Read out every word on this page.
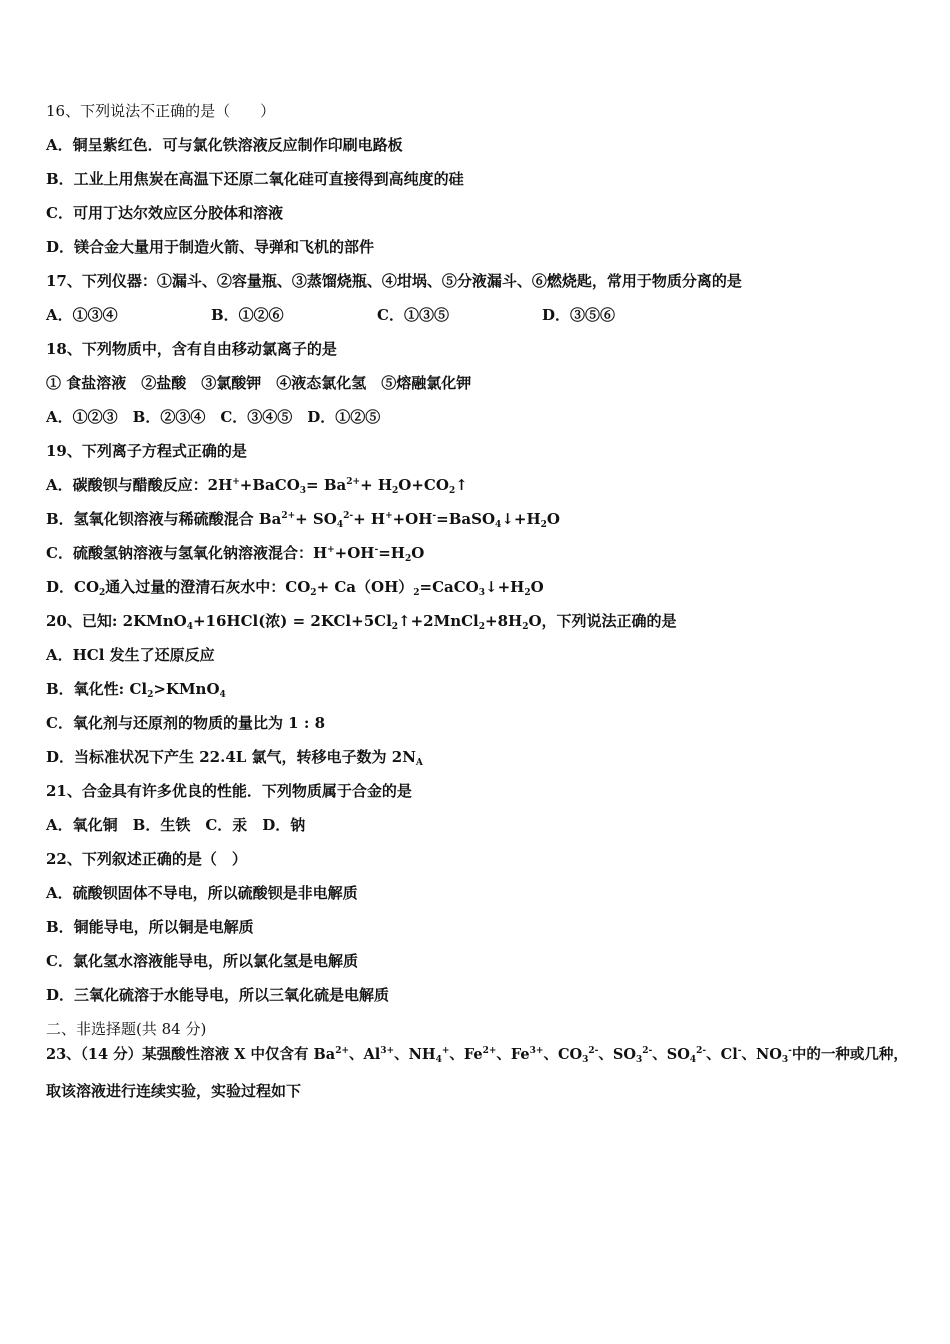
16、下列说法不正确的是（　　）
A．铜呈紫红色．可与氯化铁溶液反应制作印刷电路板
B．工业上用焦炭在高温下还原二氧化硅可直接得到高纯度的硅
C．可用丁达尔效应区分胶体和溶液
D．镁合金大量用于制造火箭、导弹和飞机的部件
17、下列仪器：①漏斗、②容量瓶、③蒸馏烧瓶、④坩埚、⑤分液漏斗、⑥燃烧匙，常用于物质分离的是
A．①③④	B．①②⑥	C．①③⑤	D．③⑤⑥
18、下列物质中，含有自由移动氯离子的是
① 食盐溶液　②盐酸　③氯酸钾　④液态氯化氢　⑤熔融氯化钾
A．①②③　B．②③④　C．③④⑤　D．①②⑤
19、下列离子方程式正确的是
A．碳酸钡与醋酸反应：2H++BaCO$_3$= $Ba^{2+}+$ $H_2O+CO_2↑$
B．氢氧化钡溶液与稀硫酸混合 $Ba^{2+}+ SO_4^{2-}+$ $H^++OH^-=BaSO_4↓+H_2O$
C．硫酸氢钠溶液与氢氧化钠溶液混合：$H^++OH^-=H_2O$
D．$CO_2$通入过量的澄清石灰水中：$CO_2+$ $Ca(OH)_2=CaCO_3↓+H_2O$
20、已知: 2KMnO$_4$+16HCl(浓) = $2KCl+5Cl_2↑+2MnCl_2+8H_2O$，下列说法正确的是
A．HCl 发生了还原反应
B．氧化性: $Cl_2>KMnO_4$
C．氧化剂与还原剂的物质的量比为 1 : 8
D．当标准状况下产生 22.4L 氯气，转移电子数为 $2N_A$
21、合金具有许多优良的性能．下列物质属于合金的是
A．氧化铜　B．生铁　C．汞　D．钠
22、下列叙述正确的是（　）
A．硫酸钡固体不导电，所以硫酸钡是非电解质
B．铜能导电，所以铜是电解质
C．氯化氢水溶液能导电，所以氯化氢是电解质
D．三氧化硫溶于水能导电，所以三氧化硫是电解质
二、非选择题(共 84 分)
23、（14 分）某强酸性溶液 X 中仅含有 $Ba^{2+}$、$Al^{3+}$、$NH_4^+$、$Fe^{2+}$、$Fe^{3+}$、$CO_3^{2-}$、$SO_3^{2-}$、$SO_4^{2-}$、Cl-、$NO_3^-$中的一种或几种，
取该溶液进行连续实验，实验过程如下
